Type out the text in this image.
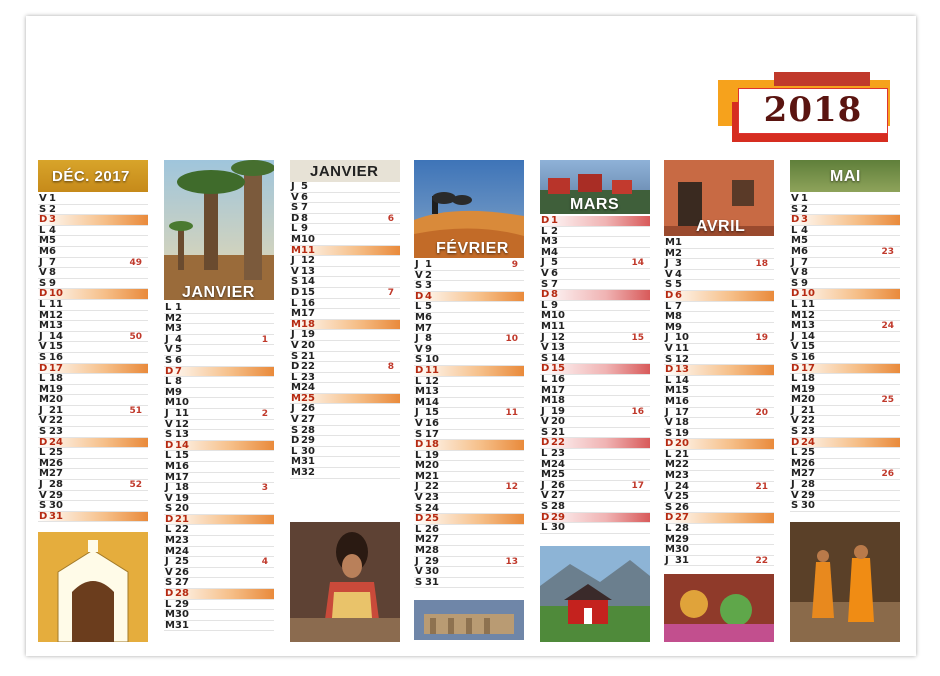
2018
DÉC. 2017
V 1
S 2
D 3
L 4
M 5
M 6
J 7	49
V 8
S 9
D 10
L 11
M 12
M 13
J 14	50
V 15
S 16
D 17
L 18
M 19
M 20
J 21	51
V 22
S 23
D 24
L 25
M 26
M 27
J 28	52
V 29
S 30
D 31
JANVIER
L 1
M 2
M 3
J 4	1
V 5
S 6
D 7
L 8
M 9
M 10
J 11	2
V 12
S 13
D 14
L 15
M 16
M 17
J 18	3
V 19
S 20
D 21
L 22
M 23
M 24
J 25	4
V 26
S 27
D 28
L 29
M 30
M 31
JANVIER
J 5
V 6
S 7
D 8	6
L 9
M 10
M 11
J 12
V 13
S 14
D 15	7
L 16
M 17
M 18
J 19
V 20
S 21
D 22	8
L 23
M 24
M 25
J 26
V 27
S 28
D 29
L 30
M 31
M 32
FÉVRIER
J 1	9
V 2
S 3
D 4
L 5
M 6
M 7
J 8	10
V 9
S 10
D 11
L 12
M 13
M 14
J 15	11
V 16
S 17
D 18
L 19
M 20
M 21
J 22	12
V 23
S 24
D 25
L 26
M 27
M 28
J 29	13
V 30
S 31
MARS
D 1
L 2
M 3
M 4
J 5	14
V 6
S 7
D 8
L 9
M 10
M 11
J 12	15
V 13
S 14
D 15
L 16
M 17
M 18
J 19	16
V 20
S 21
D 22
L 23
M 24
M 25
J 26	17
V 27
S 28
D 29
L 30
AVRIL
M 1
M 2
J 3	18
V 4
S 5
D 6
L 7
M 8
M 9
J 10	19
V 11
S 12
D 13
L 14
M 15
M 16
J 17	20
V 18
S 19
D 20
L 21
M 22
M 23
J 24	21
V 25
S 26
D 27
L 28
M 29
M 30
J 31	22
MAI
V 1
S 2
D 3
L 4
M 5
M 6	23
J 7
V 8
S 9
D 10
L 11
M 12
M 13	24
J 14
V 15
S 16
D 17
L 18
M 19
M 20	25
J 21
V 22
S 23
D 24
L 25
M 26
M 27	26
J 28
V 29
S 30
